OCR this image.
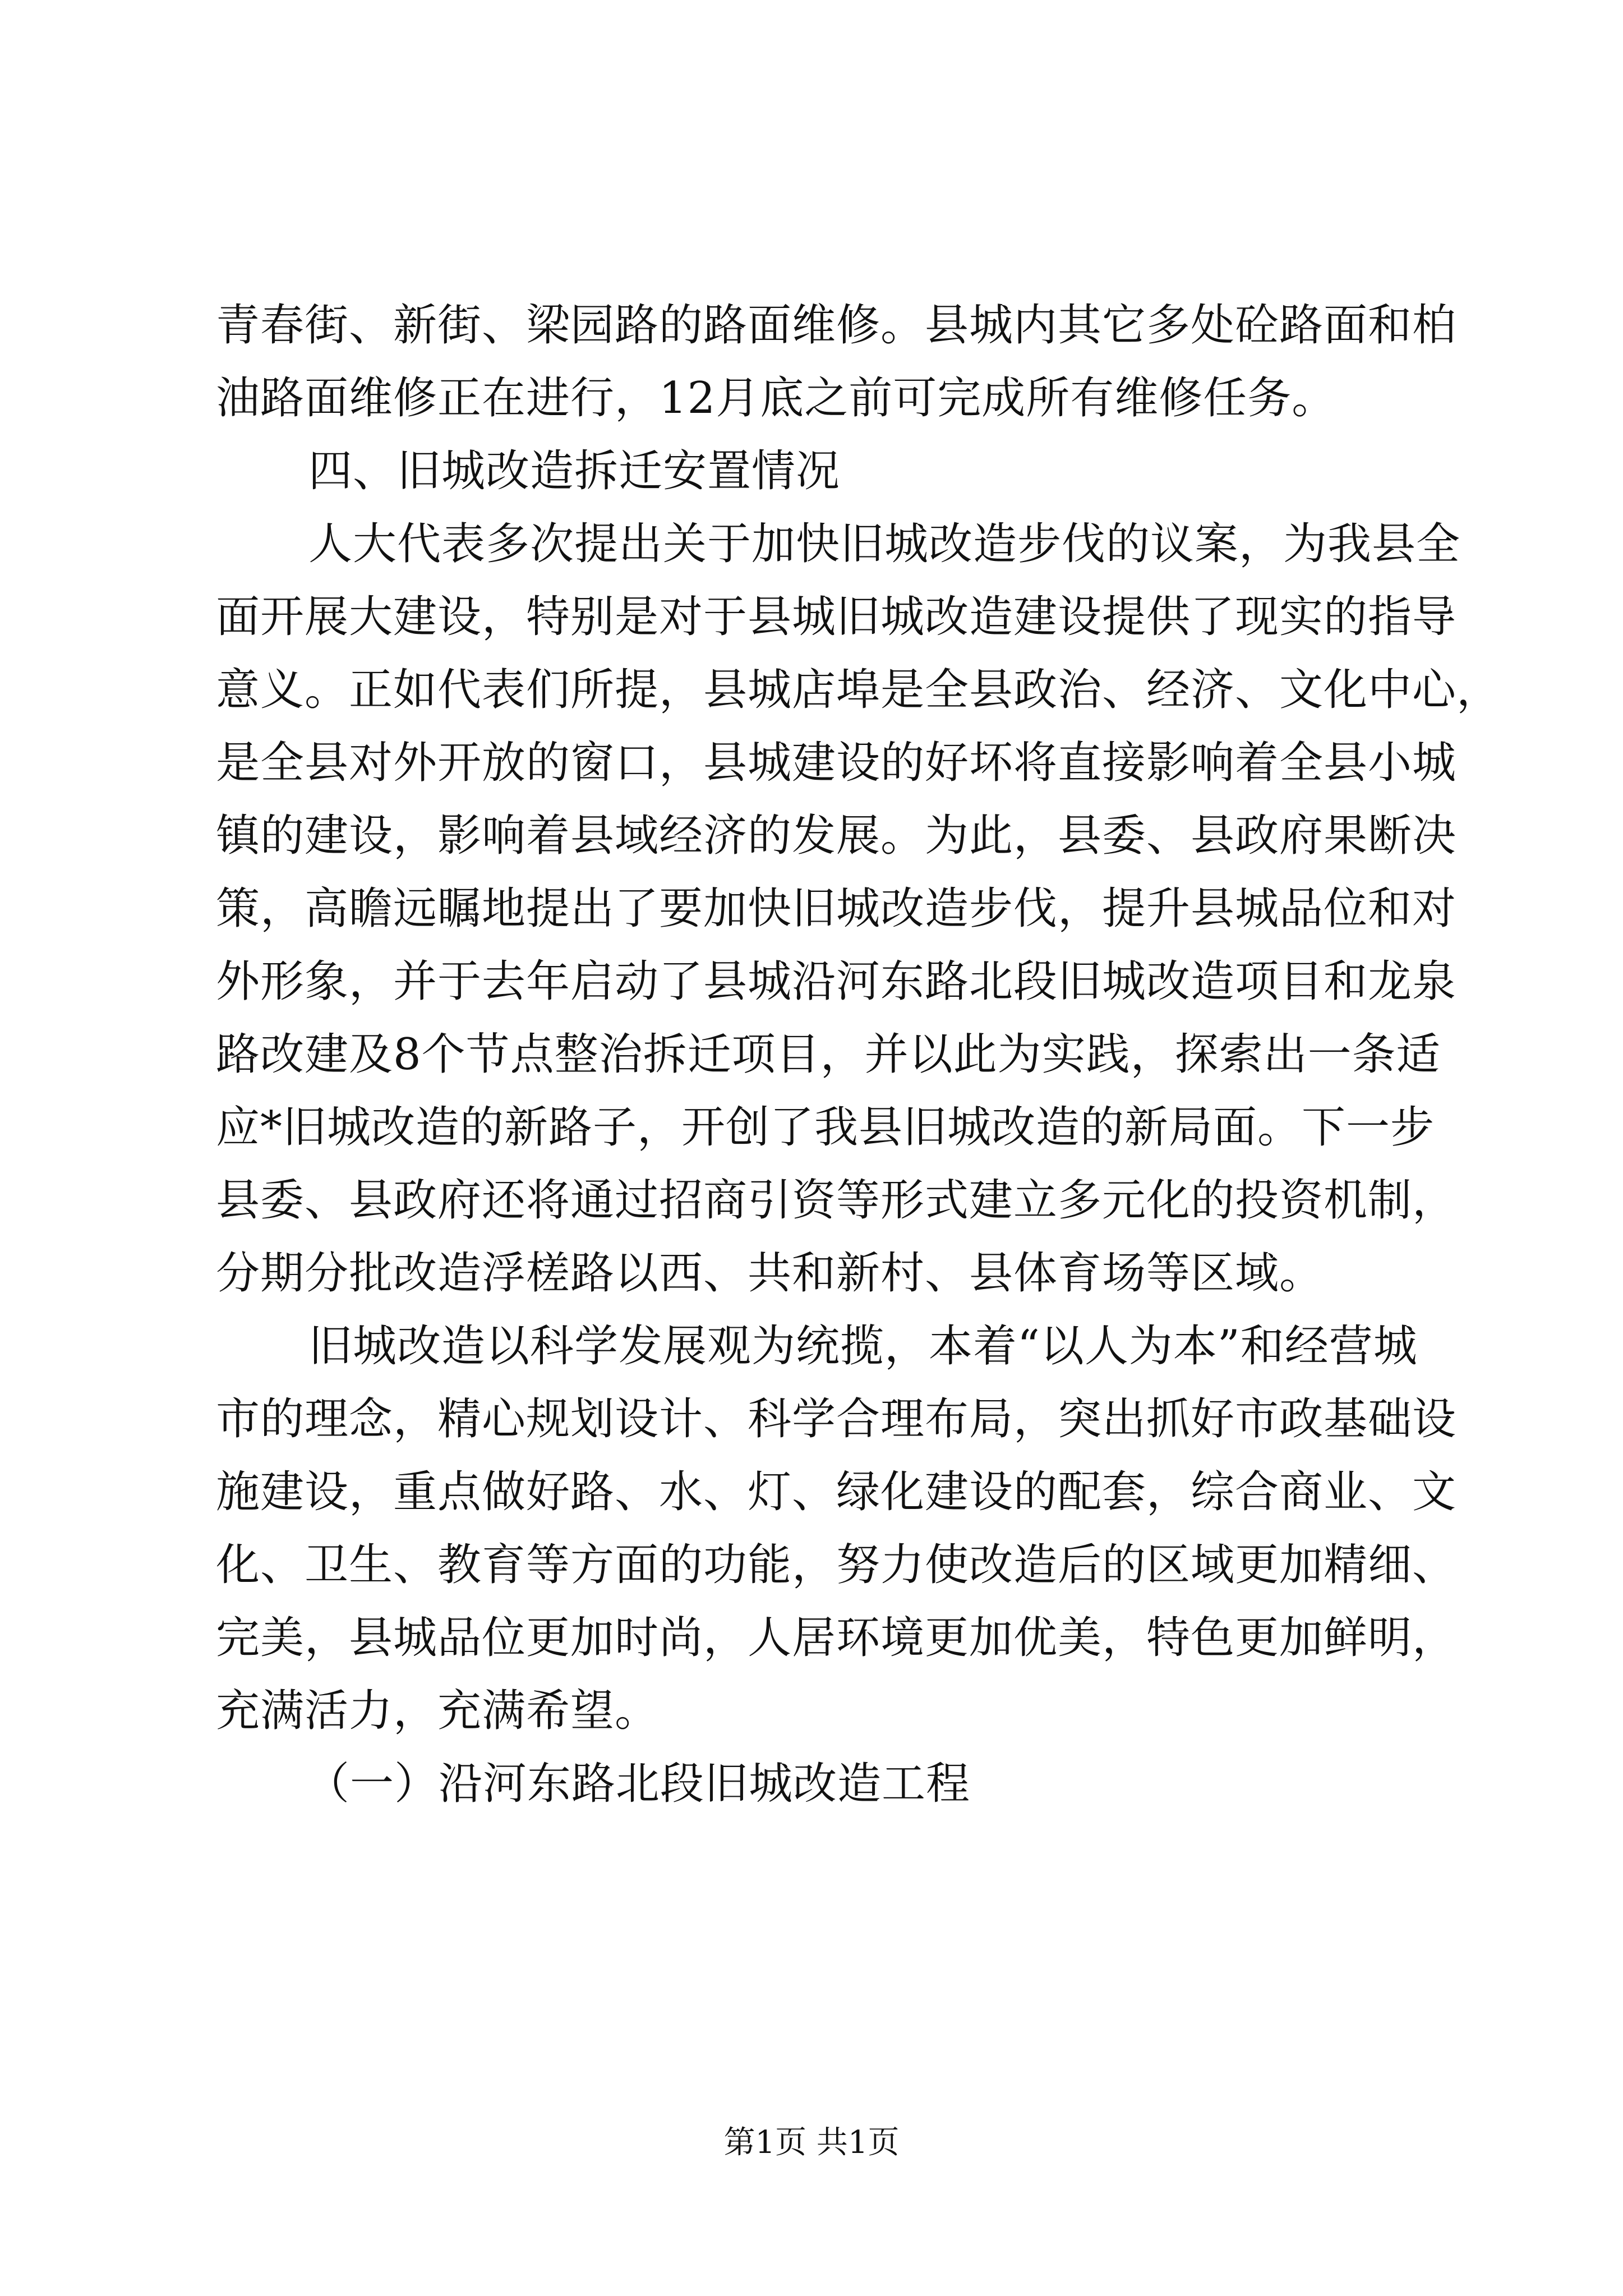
青春街、新街、梁园路的路面维修。县城内其它多处砼路面和柏
油路面维修正在进行，12月底之前可完成所有维修任务。
四、旧城改造拆迁安置情况
人大代表多次提出关于加快旧城改造步伐的议案，为我县全
面开展大建设，特别是对于县城旧城改造建设提供了现实的指导
意义。正如代表们所提，县城店埠是全县政治、经济、文化中心，
是全县对外开放的窗口，县城建设的好坏将直接影响着全县小城
镇的建设，影响着县域经济的发展。为此，县委、县政府果断决
策，高瞻远瞩地提出了要加快旧城改造步伐，提升县城品位和对
外形象，并于去年启动了县城沿河东路北段旧城改造项目和龙泉
路改建及8个节点整治拆迁项目，并以此为实践，探索出一条适
应*旧城改造的新路子，开创了我县旧城改造的新局面。下一步
县委、县政府还将通过招商引资等形式建立多元化的投资机制，
分期分批改造浮槎路以西、共和新村、县体育场等区域。
旧城改造以科学发展观为统揽，本着“以人为本”和经营城
市的理念，精心规划设计、科学合理布局，突出抓好市政基础设
施建设，重点做好路、水、灯、绿化建设的配套，综合商业、文
化、卫生、教育等方面的功能，努力使改造后的区域更加精细、
完美，县城品位更加时尚，人居环境更加优美，特色更加鲜明，
充满活力，充满希望。
（一）沿河东路北段旧城改造工程
第1页 共1页
